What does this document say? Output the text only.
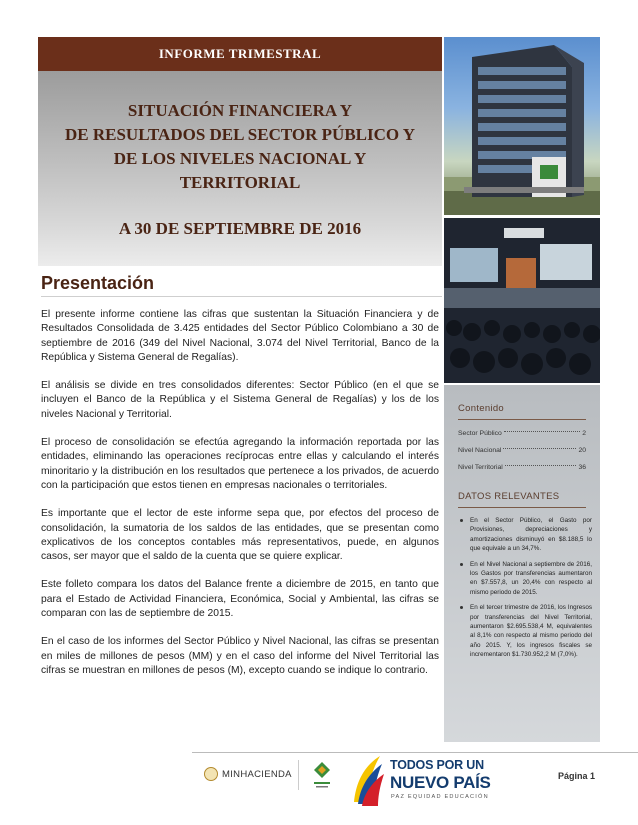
INFORME TRIMESTRAL
SITUACIÓN FINANCIERA Y
DE RESULTADOS DEL SECTOR PÚBLICO Y
DE LOS NIVELES NACIONAL Y
TERRITORIAL
A 30 DE SEPTIEMBRE DE 2016
Contenido
Sector Público	2
Nivel Nacional	20
Nivel Territorial	36
DATOS RELEVANTES
En el Sector Público, el Gasto por Provisiones, depreciaciones y amortizaciones disminuyó en $8.188,5 lo que equivale a un 34,7%.
En el Nivel Nacional a septiembre de 2016, los Gastos por transferencias aumentaron en $7.557,8, un 20,4% con respecto al mismo periodo de 2015.
En el tercer trimestre de 2016, los Ingresos por transferencias del Nivel Territorial, aumentaron $2.695.538,4 M, equivalentes al 8,1% con respecto al mismo periodo del año 2015. Y, los ingresos fiscales se incrementaron $1.730.952,2 M (7,0%).
Presentación

El presente informe contiene las cifras que sustentan la Situación Financiera y de Resultados Consolidada de 3.425 entidades del Sector Público Colombiano a 30 de septiembre de 2016 (349 del Nivel Nacional, 3.074 del Nivel Territorial, Banco de la República y Sistema General de Regalías).

El análisis se divide en tres consolidados diferentes: Sector Público (en el que se incluyen el Banco de la República y el Sistema General de Regalías) y los de los niveles Nacional y Territorial.

El proceso de consolidación se efectúa agregando la información reportada por las entidades, eliminando las operaciones recíprocas entre ellas y calculando el interés minoritario y la distribución en los resultados que pertenece a los privados, de acuerdo con la participación que estos tienen en empresas nacionales o territoriales.

Es importante que el lector de este informe sepa que, por efectos del proceso de consolidación, la sumatoria de los saldos de las entidades, que se presentan como explicativos de los conceptos contables más representativos, puede, en algunos casos, ser mayor que el saldo de la cuenta que se quiere explicar.

Este folleto compara los datos del Balance frente a diciembre de 2015, en tanto que para el Estado de Actividad Financiera, Económica, Social y Ambiental, las cifras se comparan con las de septiembre de 2015.

En el caso de los informes del Sector Público y Nivel Nacional, las cifras se presentan en miles de millones de pesos (MM) y en el caso del informe del Nivel Territorial las cifras se muestran en millones de pesos (M), excepto cuando se indique lo contrario.

MINHACIENDA
TODOS POR UN
NUEVO PAÍS
PAZ EQUIDAD EDUCACIÓN
Página 1
